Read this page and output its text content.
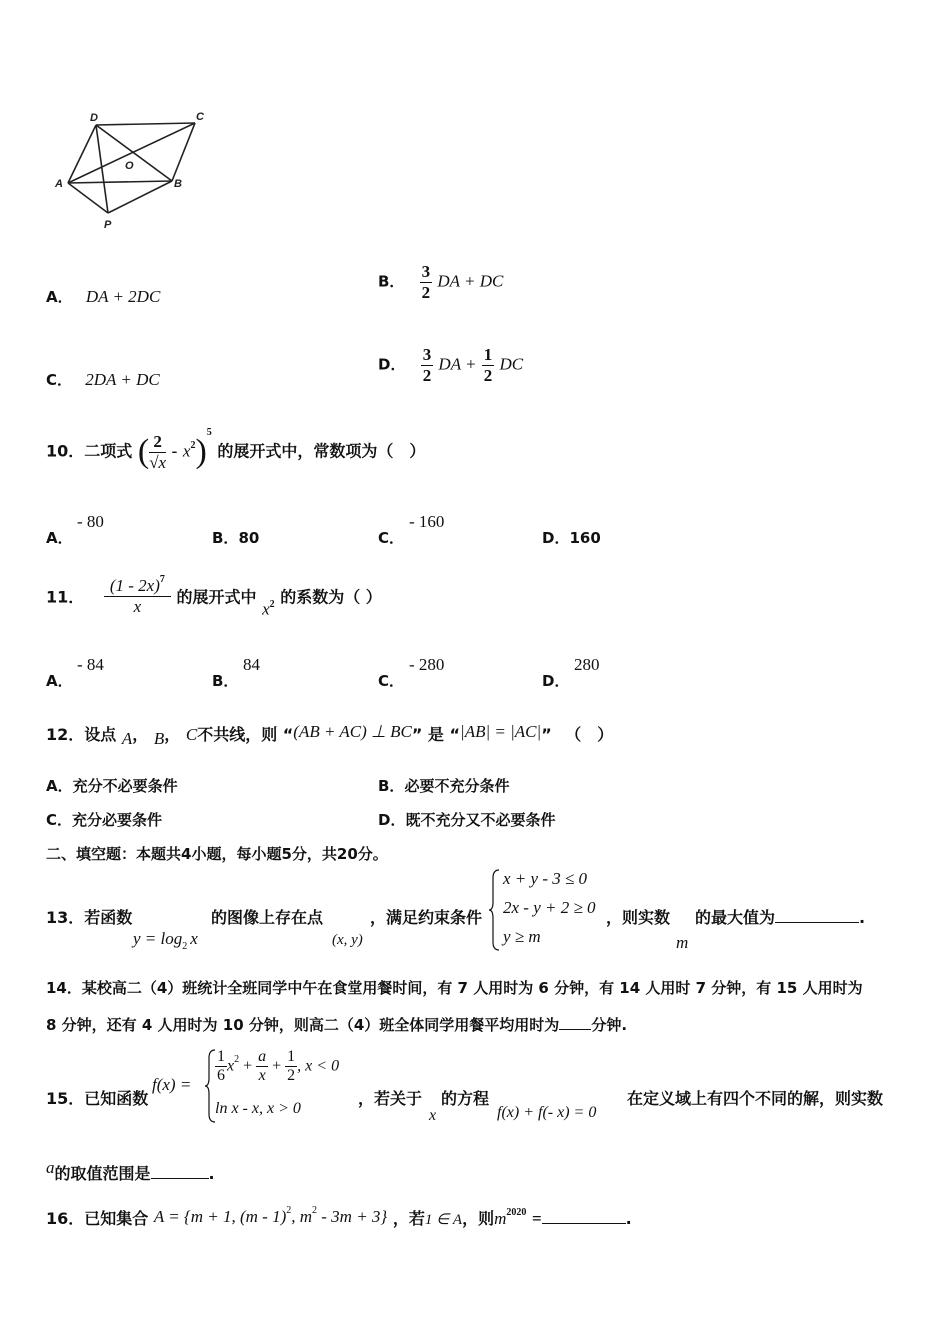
D	C
O
A	B
P
A． DA + 2DC
B． $\frac{3}{2}$ DA + DC
C． 2DA + DC
D． $\frac{3}{2}$ DA + $\frac{1}{2}$ DC
10．二项式 ( $\frac{2}{√x} - x^2)^5$ 的展开式中，常数项为（　）
A．
- 80
B．80	C．
- 160
D．160
11． $\frac{(1 - 2x)^7}{x}$ 的展开式中 $x_2$ 的系数为（ ）
A．
- 84
B．
84
C．
- 280
D．
280
12．设点 A， B， C不共线，则 “(AB + AC) ⊥ BC” 是 “|AB| = |AC|” （　）
A．充分不必要条件	B．必要不充分条件
C．充分必要条件	D．既不充分又不必要条件
二、填空题：本题共4小题，每小题5分，共20分。
13．若函数
$y = \log_2 x$
的图像上存在点
(x, y)
，满足约束条件
x + y - 3 ≤ 0
2x - y + 2 ≥ 0
y ≥ m
，则实数
m
的最大值为	.
14．某校高二（4）班统计全班同学中午在食堂用餐时间，有 7 人用时为 6 分钟，有 14 人用时 7 分钟，有 15 人用时为
8 分钟，还有 4 人用时为 10 分钟，则高二（4）班全体同学用餐平均用时为 分钟.
15．已知函数
$f(x) = \frac{1}{6} x^2 + \frac{a}{x} + \frac{1}{2}$ , x < 0
ln x - x, x > 0
，若关于
x
的方程
f(x) + f(- x) = 0
在定义域上有四个不同的解，则实数
a的取值范围是	.
16．已知集合 A = {m + 1, (m - 1)$^2$, $m^2 - 3m + 3$} ，若1 ∈ A，则$m^{2020}$ =	.
